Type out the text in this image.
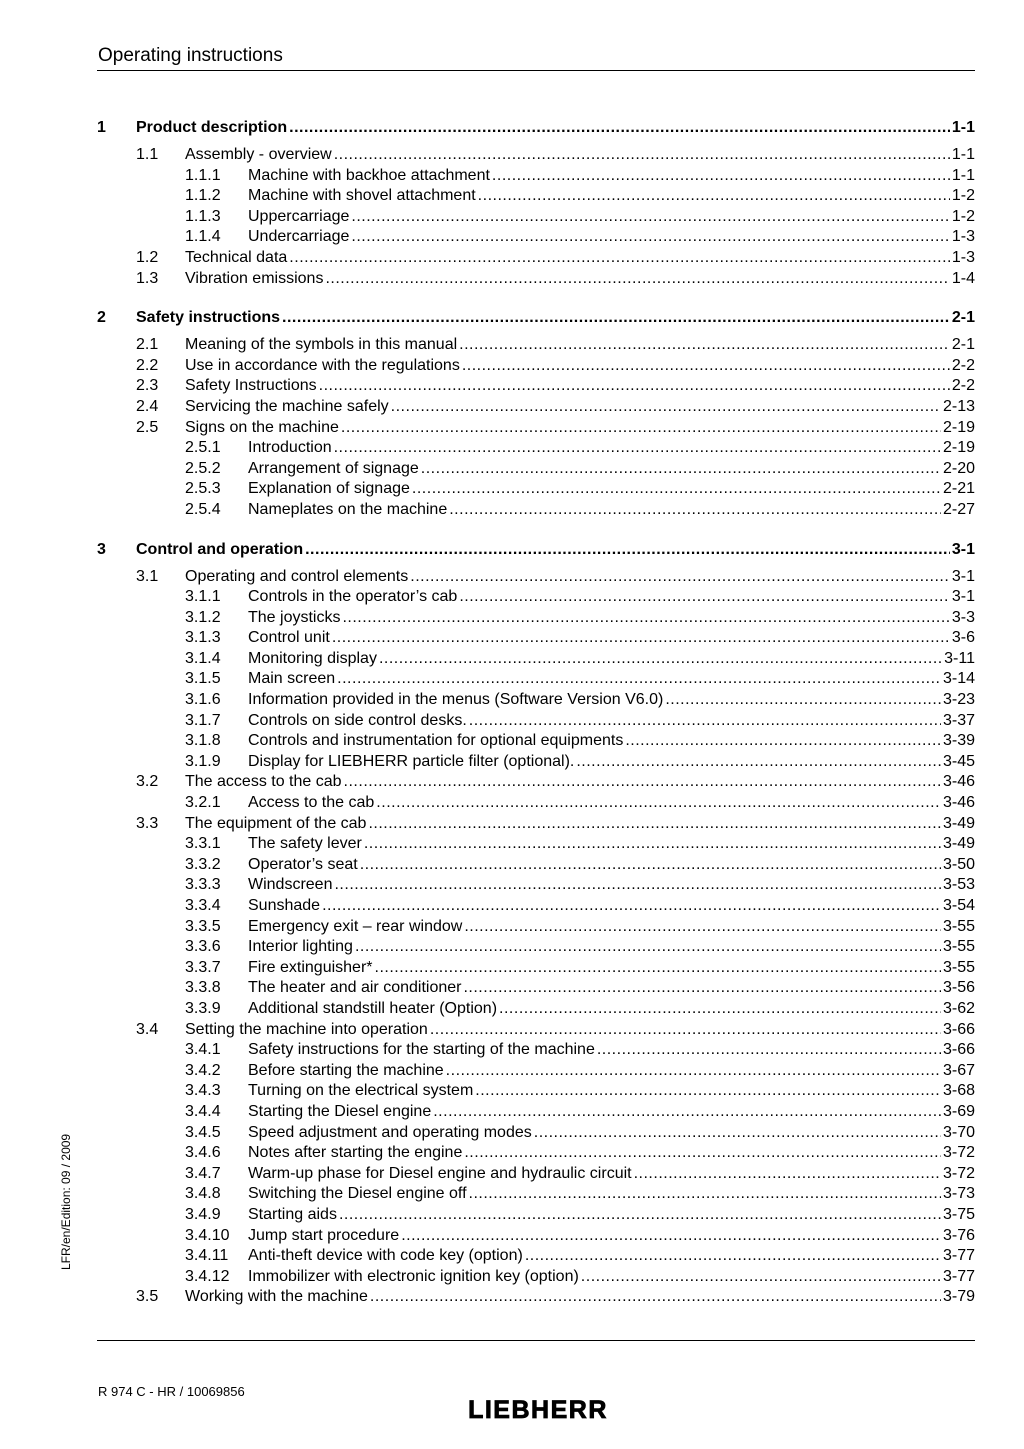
Operating instructions
1 Product description .....	1-1
1.1 Assembly - overview .....	1-1
1.1.1 Machine with backhoe attachment .....	1-1
1.1.2 Machine with shovel attachment .....	1-2
1.1.3 Uppercarriage .....	1-2
1.1.4 Undercarriage .....	1-3
1.2 Technical data .....	1-3
1.3 Vibration emissions .....	1-4
2 Safety instructions .....	2-1
2.1 Meaning of the symbols in this manual .....	2-1
2.2 Use in accordance with the regulations .....	2-2
2.3 Safety Instructions .....	2-2
2.4 Servicing the machine safely .....	2-13
2.5 Signs on the machine .....	2-19
2.5.1 Introduction .....	2-19
2.5.2 Arrangement of signage .....	2-20
2.5.3 Explanation of signage .....	2-21
2.5.4 Nameplates on the machine .....	2-27
3 Control and operation .....	3-1
3.1 Operating and control elements .....	3-1
3.1.1 Controls in the operator’s cab .....	3-1
3.1.2 The joysticks .....	3-3
3.1.3 Control unit .....	3-6
3.1.4 Monitoring display .....	3-11
3.1.5 Main screen .....	3-14
3.1.6 Information provided in the menus (Software Version V6.0) .....	3-23
3.1.7 Controls on side control desks. .....	3-37
3.1.8 Controls and instrumentation for optional equipments .....	3-39
3.1.9 Display for LIEBHERR particle filter (optional). .....	3-45
3.2 The access to the cab .....	3-46
3.2.1 Access to the cab .....	3-46
3.3 The equipment of the cab .....	3-49
3.3.1 The safety lever .....	3-49
3.3.2 Operator’s seat .....	3-50
3.3.3 Windscreen .....	3-53
3.3.4 Sunshade .....	3-54
3.3.5 Emergency exit – rear window .....	3-55
3.3.6 Interior lighting .....	3-55
3.3.7 Fire extinguisher* .....	3-55
3.3.8 The heater and air conditioner .....	3-56
3.3.9 Additional standstill heater (Option) .....	3-62
3.4 Setting the machine into operation .....	3-66
3.4.1 Safety instructions for the starting of the machine .....	3-66
3.4.2 Before starting the machine .....	3-67
3.4.3 Turning on the electrical system .....	3-68
3.4.4 Starting the Diesel engine .....	3-69
3.4.5 Speed adjustment and operating modes .....	3-70
3.4.6 Notes after starting the engine .....	3-72
3.4.7 Warm-up phase for Diesel engine and hydraulic circuit .....	3-72
3.4.8 Switching the Diesel engine off .....	3-73
3.4.9 Starting aids .....	3-75
3.4.10 Jump start procedure .....	3-76
3.4.11 Anti-theft device with code key (option) .....	3-77
3.4.12 Immobilizer with electronic ignition key (option) .....	3-77
3.5 Working with the machine .....	3-79
LFR/en/Edition: 09 / 2009
R 974 C - HR / 10069856
LIEBHERR
